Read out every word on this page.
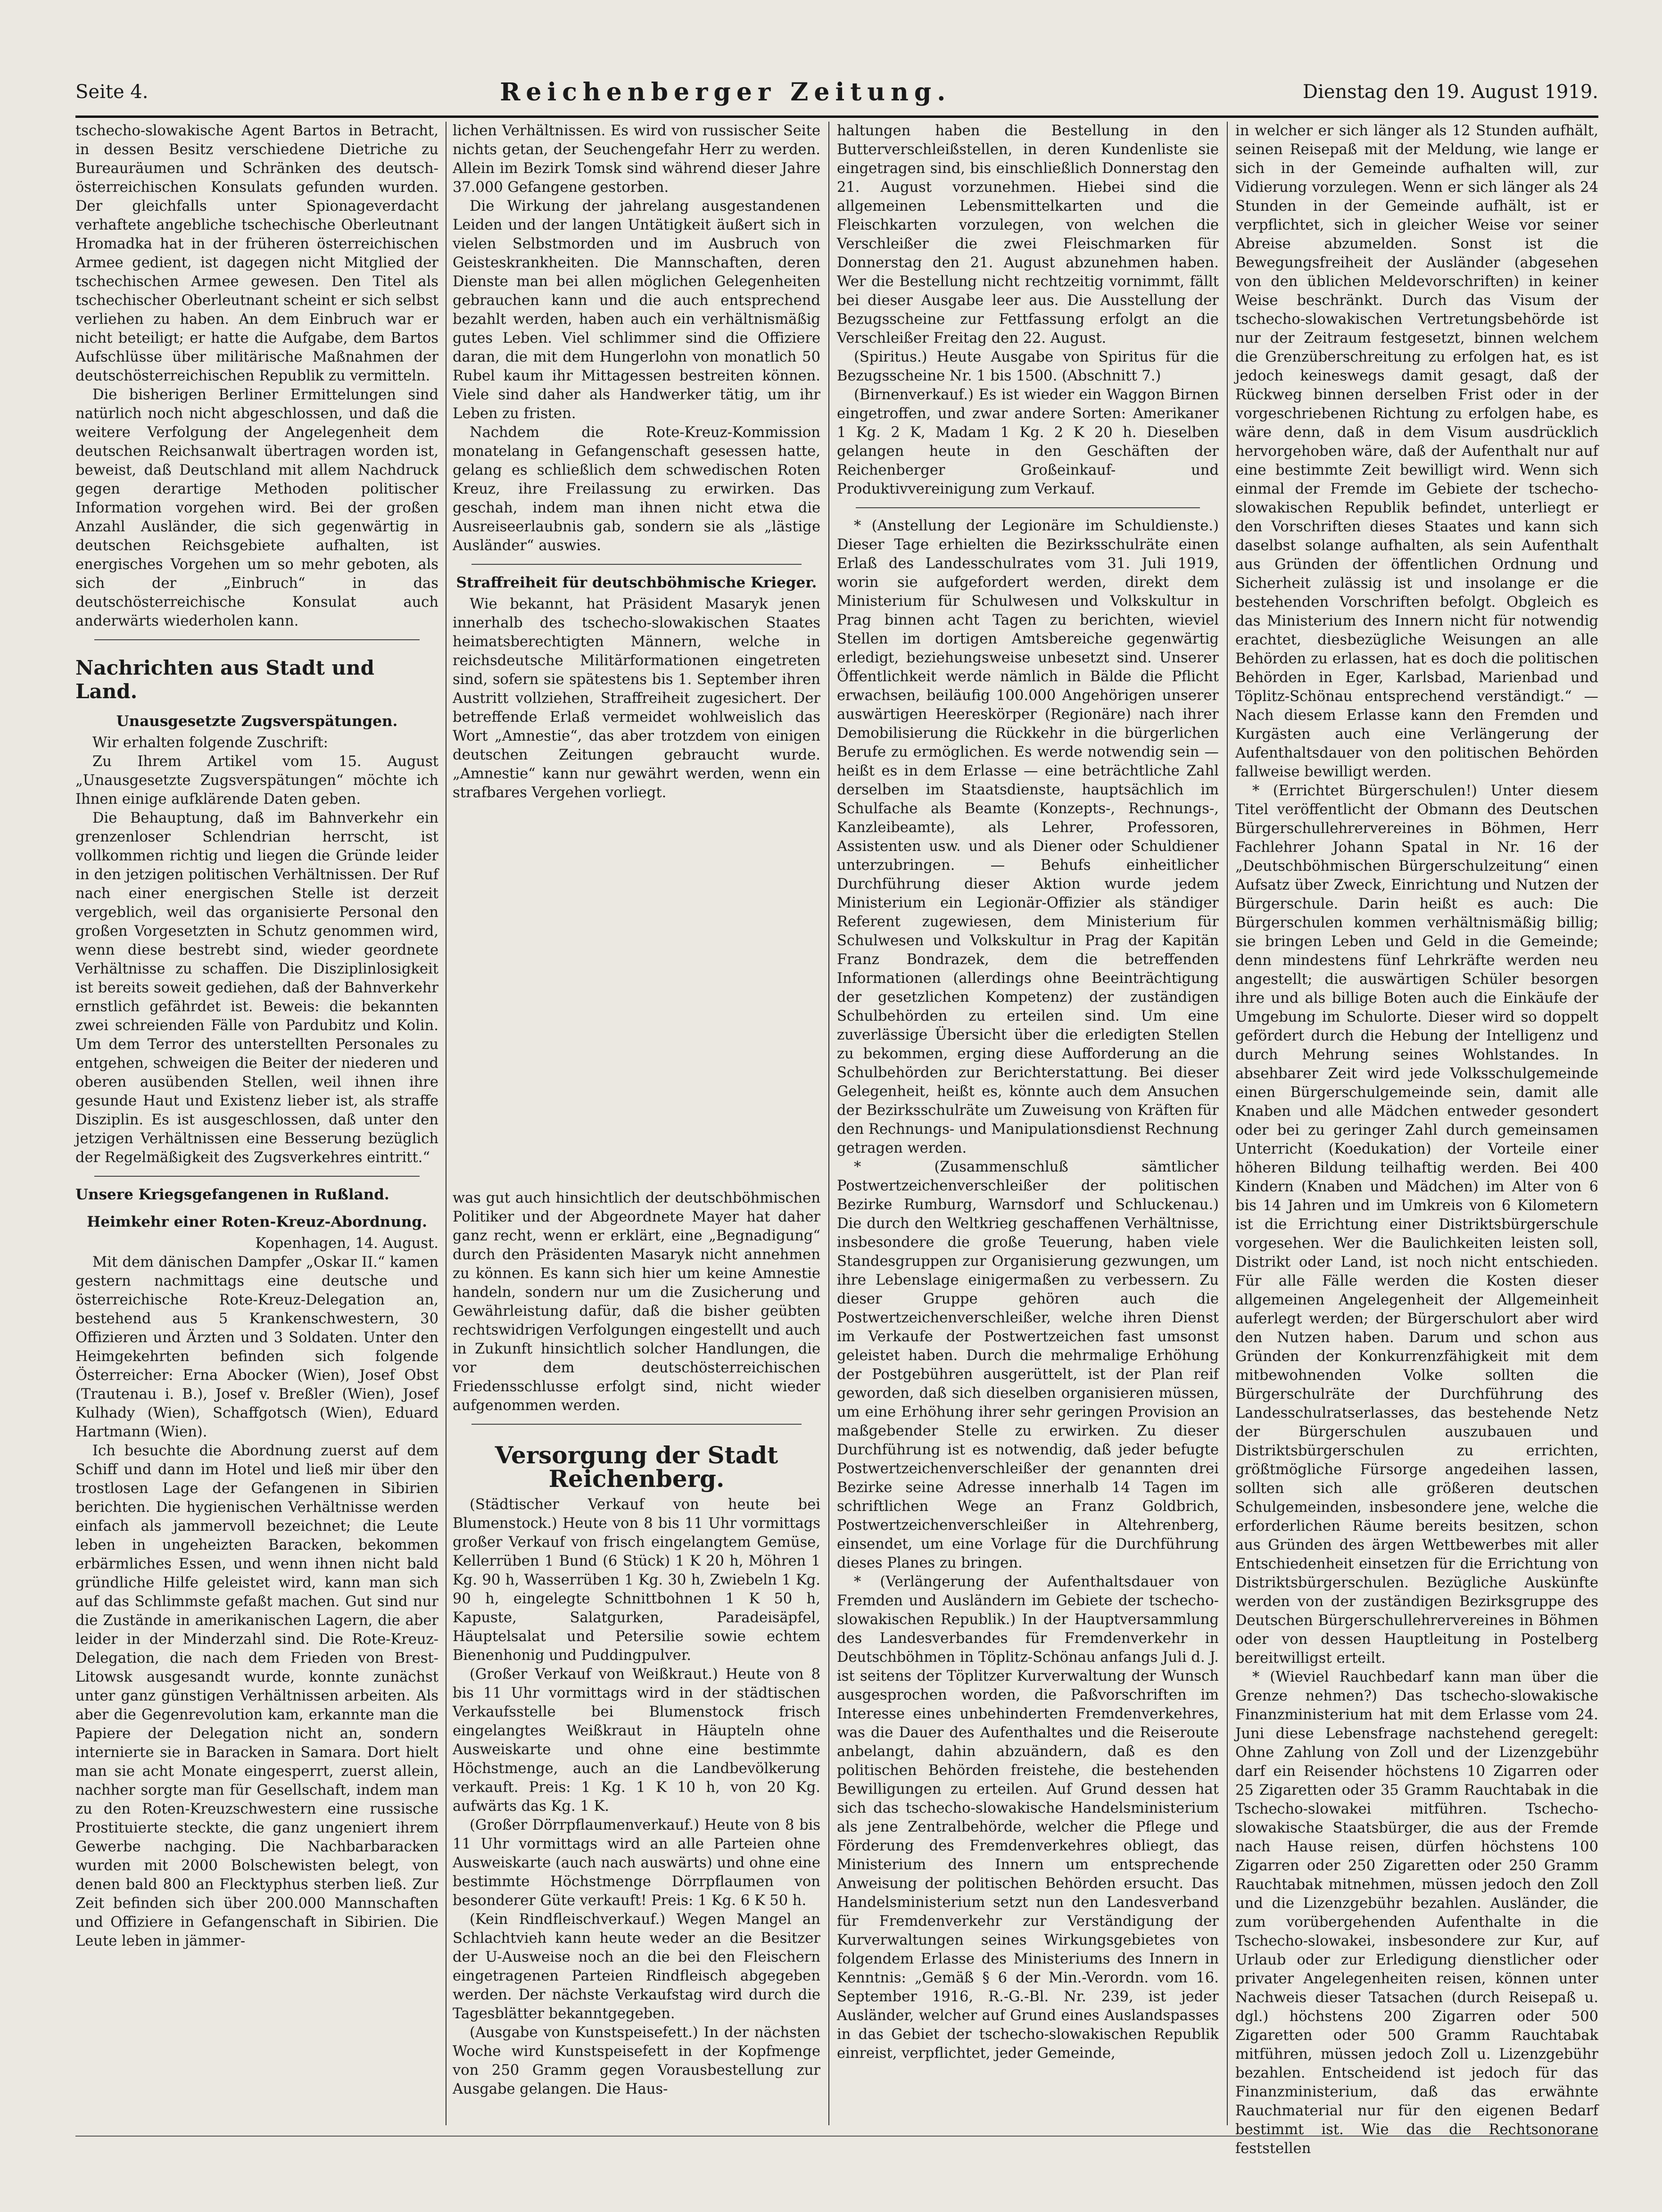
Seite 4.	Reichenberger Zeitung.	Dienstag den 19. August 1919.

tschecho-slowakische Agent Bartos in Betracht, in dessen Besitz verschiedene Dietriche zu Bureauräumen und Schränken des deutsch-österreichischen Konsulats gefunden wurden. Der gleichfalls unter Spionageverdacht verhaftete angebliche tschechische Oberleutnant Hromadka hat in der früheren österreichischen Armee gedient, ist dagegen nicht Mitglied der tschechischen Armee gewesen. Den Titel als tschechischer Oberleutnant scheint er sich selbst verliehen zu haben. An dem Einbruch war er nicht beteiligt; er hatte die Aufgabe, dem Bartos Aufschlüsse über militärische Maßnahmen der deutschösterreichischen Republik zu vermitteln.

Die bisherigen Berliner Ermittelungen sind natürlich noch nicht abgeschlossen, und daß die weitere Verfolgung der Angelegenheit dem deutschen Reichsanwalt übertragen worden ist, beweist, daß Deutschland mit allem Nachdruck gegen derartige Methoden politischer Information vorgehen wird. Bei der großen Anzahl Ausländer, die sich gegenwärtig in deutschen Reichsgebiete aufhalten, ist energisches Vorgehen um so mehr geboten, als sich der „Einbruch“ in das deutschösterreichische Konsulat auch anderwärts wiederholen kann.

Nachrichten aus Stadt und Land.
Unausgesetzte Zugsverspätungen.

Wir erhalten folgende Zuschrift:

Zu Ihrem Artikel vom 15. August „Unausgesetzte Zugsverspätungen“ möchte ich Ihnen einige aufklärende Daten geben.

Die Behauptung, daß im Bahnverkehr ein grenzenloser Schlendrian herrscht, ist vollkommen richtig und liegen die Gründe leider in den jetzigen politischen Verhältnissen. Der Ruf nach einer energischen Stelle ist derzeit vergeblich, weil das organisierte Personal den großen Vorgesetzten in Schutz genommen wird, wenn diese bestrebt sind, wieder geordnete Verhältnisse zu schaffen. Die Disziplinlosigkeit ist bereits soweit gediehen, daß der Bahnverkehr ernstlich gefährdet ist. Beweis: die bekannten zwei schreienden Fälle von Pardubitz und Kolin. Um dem Terror des unterstellten Personales zu entgehen, schweigen die Beiter der niederen und oberen ausübenden Stellen, weil ihnen ihre gesunde Haut und Existenz lieber ist, als straffe Disziplin. Es ist ausgeschlossen, daß unter den jetzigen Verhältnissen eine Besserung bezüglich der Regelmäßigkeit des Zugsverkehres eintritt.“

Unsere Kriegsgefangenen in Rußland.
Heimkehr einer Roten-Kreuz-Abordnung.

Kopenhagen, 14. August.

Mit dem dänischen Dampfer „Oskar II.“ kamen gestern nachmittags eine deutsche und österreichische Rote-Kreuz-Delegation an, bestehend aus 5 Krankenschwestern, 30 Offizieren und Ärzten und 3 Soldaten. Unter den Heimgekehrten befinden sich folgende Österreicher: Erna Abocker (Wien), Josef Obst (Trautenau i. B.), Josef v. Breßler (Wien), Josef Kulhady (Wien), Schaffgotsch (Wien), Eduard Hartmann (Wien).

Ich besuchte die Abordnung zuerst auf dem Schiff und dann im Hotel und ließ mir über den trostlosen Lage der Gefangenen in Sibirien berichten. Die hygienischen Verhältnisse werden einfach als jammervoll bezeichnet; die Leute leben in ungeheizten Baracken, bekommen erbärmliches Essen, und wenn ihnen nicht bald gründliche Hilfe geleistet wird, kann man sich auf das Schlimmste gefaßt machen. Gut sind nur die Zustände in amerikanischen Lagern, die aber leider in der Minderzahl sind. Die Rote-Kreuz-Delegation, die nach dem Frieden von Brest-Litowsk ausgesandt wurde, konnte zunächst unter ganz günstigen Verhältnissen arbeiten. Als aber die Gegenrevolution kam, erkannte man die Papiere der Delegation nicht an, sondern internierte sie in Baracken in Samara. Dort hielt man sie acht Monate eingesperrt, zuerst allein, nachher sorgte man für Gesellschaft, indem man zu den Roten-Kreuzschwestern eine russische Prostituierte steckte, die ganz ungeniert ihrem Gewerbe nachging. Die Nachbarbaracken wurden mit 2000 Bolschewisten belegt, von denen bald 800 an Flecktyphus sterben ließ. Zur Zeit befinden sich über 200.000 Mannschaften und Offiziere in Gefangenschaft in Sibirien. Die Leute leben in jämmer-

lichen Verhältnissen. Es wird von russischer Seite nichts getan, der Seuchengefahr Herr zu werden. Allein im Bezirk Tomsk sind während dieser Jahre 37.000 Gefangene gestorben.

Die Wirkung der jahrelang ausgestandenen Leiden und der langen Untätigkeit äußert sich in vielen Selbstmorden und im Ausbruch von Geisteskrankheiten. Die Mannschaften, deren Dienste man bei allen möglichen Gelegenheiten gebrauchen kann und die auch entsprechend bezahlt werden, haben auch ein verhältnismäßig gutes Leben. Viel schlimmer sind die Offiziere daran, die mit dem Hungerlohn von monatlich 50 Rubel kaum ihr Mittagessen bestreiten können. Viele sind daher als Handwerker tätig, um ihr Leben zu fristen.

Nachdem die Rote-Kreuz-Kommission monatelang in Gefangenschaft gesessen hatte, gelang es schließlich dem schwedischen Roten Kreuz, ihre Freilassung zu erwirken. Das geschah, indem man ihnen nicht etwa die Ausreiseerlaubnis gab, sondern sie als „lästige Ausländer“ auswies.

Straffreiheit für deutschböhmische Krieger.

Wie bekannt, hat Präsident Masaryk jenen innerhalb des tschecho-slowakischen Staates heimatsberechtigten Männern, welche in reichsdeutsche Militärformationen eingetreten sind, sofern sie spätestens bis 1. September ihren Austritt vollziehen, Straffreiheit zugesichert. Der betreffende Erlaß vermeidet wohlweislich das Wort „Amnestie“, das aber trotzdem von einigen deutschen Zeitungen gebraucht wurde. „Amnestie“ kann nur gewährt werden, wenn ein strafbares Vergehen vorliegt.

was gut auch hinsichtlich der deutschböhmischen Politiker und der Abgeordnete Mayer hat daher ganz recht, wenn er erklärt, eine „Begnadigung“ durch den Präsidenten Masaryk nicht annehmen zu können. Es kann sich hier um keine Amnestie handeln, sondern nur um die Zusicherung und Gewährleistung dafür, daß die bisher geübten rechtswidrigen Verfolgungen eingestellt und auch in Zukunft hinsichtlich solcher Handlungen, die vor dem deutschösterreichischen Friedensschlusse erfolgt sind, nicht wieder aufgenommen werden.

Versorgung der Stadt Reichenberg.

(Städtischer Verkauf von heute bei Blumenstock.) Heute von 8 bis 11 Uhr vormittags großer Verkauf von frisch eingelangtem Gemüse, Kellerrüben 1 Bund (6 Stück) 1 K 20 h, Möhren 1 Kg. 90 h, Wasserrüben 1 Kg. 30 h, Zwiebeln 1 Kg. 90 h, eingelegte Schnittbohnen 1 K 50 h, Kapuste, Salatgurken, Paradeisäpfel, Häuptelsalat und Petersilie sowie echtem Bienenhonig und Puddingpulver.

(Großer Verkauf von Weißkraut.) Heute von 8 bis 11 Uhr vormittags wird in der städtischen Verkaufsstelle bei Blumenstock frisch eingelangtes Weißkraut in Häupteln ohne Ausweiskarte und ohne eine bestimmte Höchstmenge, auch an die Landbevölkerung verkauft. Preis: 1 Kg. 1 K 10 h, von 20 Kg. aufwärts das Kg. 1 K.

(Großer Dörrpflaumenverkauf.) Heute von 8 bis 11 Uhr vormittags wird an alle Parteien ohne Ausweiskarte (auch nach auswärts) und ohne eine bestimmte Höchstmenge Dörrpflaumen von besonderer Güte verkauft! Preis: 1 Kg. 6 K 50 h.

(Kein Rindfleischverkauf.) Wegen Mangel an Schlachtvieh kann heute weder an die Besitzer der U-Ausweise noch an die bei den Fleischern eingetragenen Parteien Rindfleisch abgegeben werden. Der nächste Verkaufstag wird durch die Tagesblätter bekanntgegeben.

(Ausgabe von Kunstspeisefett.) In der nächsten Woche wird Kunstspeisefett in der Kopfmenge von 250 Gramm gegen Vorausbestellung zur Ausgabe gelangen. Die Haus-

haltungen haben die Bestellung in den Butterverschleißstellen, in deren Kundenliste sie eingetragen sind, bis einschließlich Donnerstag den 21. August vorzunehmen. Hiebei sind die allgemeinen Lebensmittelkarten und die Fleischkarten vorzulegen, von welchen die Verschleißer die zwei Fleischmarken für Donnerstag den 21. August abzunehmen haben. Wer die Bestellung nicht rechtzeitig vornimmt, fällt bei dieser Ausgabe leer aus. Die Ausstellung der Bezugsscheine zur Fettfassung erfolgt an die Verschleißer Freitag den 22. August.

(Spiritus.) Heute Ausgabe von Spiritus für die Bezugsscheine Nr. 1 bis 1500. (Abschnitt 7.)

(Birnenverkauf.) Es ist wieder ein Waggon Birnen eingetroffen, und zwar andere Sorten: Amerikaner 1 Kg. 2 K, Madam 1 Kg. 2 K 20 h. Dieselben gelangen heute in den Geschäften der Reichenberger Großeinkauf- und Produktivvereinigung zum Verkauf.

* (Anstellung der Legionäre im Schuldienste.) Dieser Tage erhielten die Bezirksschulräte einen Erlaß des Landesschulrates vom 31. Juli 1919, worin sie aufgefordert werden, direkt dem Ministerium für Schulwesen und Volkskultur in Prag binnen acht Tagen zu berichten, wieviel Stellen im dortigen Amtsbereiche gegenwärtig erledigt, beziehungsweise unbesetzt sind. Unserer Öffentlichkeit werde nämlich in Bälde die Pflicht erwachsen, beiläufig 100.000 Angehörigen unserer auswärtigen Heereskörper (Regionäre) nach ihrer Demobilisierung die Rückkehr in die bürgerlichen Berufe zu ermöglichen. Es werde notwendig sein — heißt es in dem Erlasse — eine beträchtliche Zahl derselben im Staatsdienste, hauptsächlich im Schulfache als Beamte (Konzepts-, Rechnungs-, Kanzleibeamte), als Lehrer, Professoren, Assistenten usw. und als Diener oder Schuldiener unterzubringen. — Behufs einheitlicher Durchführung dieser Aktion wurde jedem Ministerium ein Legionär-Offizier als ständiger Referent zugewiesen, dem Ministerium für Schulwesen und Volkskultur in Prag der Kapitän Franz Bondrazek, dem die betreffenden Informationen (allerdings ohne Beeinträchtigung der gesetzlichen Kompetenz) der zuständigen Schulbehörden zu erteilen sind. Um eine zuverlässige Übersicht über die erledigten Stellen zu bekommen, erging diese Aufforderung an die Schulbehörden zur Berichterstattung. Bei dieser Gelegenheit, heißt es, könnte auch dem Ansuchen der Bezirksschulräte um Zuweisung von Kräften für den Rechnungs- und Manipulationsdienst Rechnung getragen werden.

* (Zusammenschluß sämtlicher Postwertzeichenverschleißer der politischen Bezirke Rumburg, Warnsdorf und Schluckenau.) Die durch den Weltkrieg geschaffenen Verhältnisse, insbesondere die große Teuerung, haben viele Standesgruppen zur Organisierung gezwungen, um ihre Lebenslage einigermaßen zu verbessern. Zu dieser Gruppe gehören auch die Postwertzeichenverschleißer, welche ihren Dienst im Verkaufe der Postwertzeichen fast umsonst geleistet haben. Durch die mehrmalige Erhöhung der Postgebühren ausgerüttelt, ist der Plan reif geworden, daß sich dieselben organisieren müssen, um eine Erhöhung ihrer sehr geringen Provision an maßgebender Stelle zu erwirken. Zu dieser Durchführung ist es notwendig, daß jeder befugte Postwertzeichenverschleißer der genannten drei Bezirke seine Adresse innerhalb 14 Tagen im schriftlichen Wege an Franz Goldbrich, Postwertzeichenverschleißer in Altehrenberg, einsendet, um eine Vorlage für die Durchführung dieses Planes zu bringen.

* (Verlängerung der Aufenthaltsdauer von Fremden und Ausländern im Gebiete der tschecho-slowakischen Republik.) In der Hauptversammlung des Landesverbandes für Fremdenverkehr in Deutschböhmen in Töplitz-Schönau anfangs Juli d. J. ist seitens der Töplitzer Kurverwaltung der Wunsch ausgesprochen worden, die Paßvorschriften im Interesse eines unbehinderten Fremdenverkehres, was die Dauer des Aufenthaltes und die Reiseroute anbelangt, dahin abzuändern, daß es den politischen Behörden freistehe, die bestehenden Bewilligungen zu erteilen. Auf Grund dessen hat sich das tschecho-slowakische Handelsministerium als jene Zentralbehörde, welcher die Pflege und Förderung des Fremdenverkehres obliegt, das Ministerium des Innern um entsprechende Anweisung der politischen Behörden ersucht. Das Handelsministerium setzt nun den Landesverband für Fremdenverkehr zur Verständigung der Kurverwaltungen seines Wirkungsgebietes von folgendem Erlasse des Ministeriums des Innern in Kenntnis: „Gemäß § 6 der Min.-Verordn. vom 16. September 1916, R.-G.-Bl. Nr. 239, ist jeder Ausländer, welcher auf Grund eines Auslandspasses in das Gebiet der tschecho-slowakischen Republik einreist, verpflichtet, jeder Gemeinde,

in welcher er sich länger als 12 Stunden aufhält, seinen Reisepaß mit der Meldung, wie lange er sich in der Gemeinde aufhalten will, zur Vidierung vorzulegen. Wenn er sich länger als 24 Stunden in der Gemeinde aufhält, ist er verpflichtet, sich in gleicher Weise vor seiner Abreise abzumelden. Sonst ist die Bewegungsfreiheit der Ausländer (abgesehen von den üblichen Meldevorschriften) in keiner Weise beschränkt. Durch das Visum der tschecho-slowakischen Vertretungsbehörde ist nur der Zeitraum festgesetzt, binnen welchem die Grenzüberschreitung zu erfolgen hat, es ist jedoch keineswegs damit gesagt, daß der Rückweg binnen derselben Frist oder in der vorgeschriebenen Richtung zu erfolgen habe, es wäre denn, daß in dem Visum ausdrücklich hervorgehoben wäre, daß der Aufenthalt nur auf eine bestimmte Zeit bewilligt wird. Wenn sich einmal der Fremde im Gebiete der tschecho-slowakischen Republik befindet, unterliegt er den Vorschriften dieses Staates und kann sich daselbst solange aufhalten, als sein Aufenthalt aus Gründen der öffentlichen Ordnung und Sicherheit zulässig ist und insolange er die bestehenden Vorschriften befolgt. Obgleich es das Ministerium des Innern nicht für notwendig erachtet, diesbezügliche Weisungen an alle Behörden zu erlassen, hat es doch die politischen Behörden in Eger, Karlsbad, Marienbad und Töplitz-Schönau entsprechend verständigt.“ — Nach diesem Erlasse kann den Fremden und Kurgästen auch eine Verlängerung der Aufenthaltsdauer von den politischen Behörden fallweise bewilligt werden.

* (Errichtet Bürgerschulen!) Unter diesem Titel veröffentlicht der Obmann des Deutschen Bürgerschullehrervereines in Böhmen, Herr Fachlehrer Johann Spatal in Nr. 16 der „Deutschböhmischen Bürgerschulzeitung“ einen Aufsatz über Zweck, Einrichtung und Nutzen der Bürgerschule. Darin heißt es auch: Die Bürgerschulen kommen verhältnismäßig billig; sie bringen Leben und Geld in die Gemeinde; denn mindestens fünf Lehrkräfte werden neu angestellt; die auswärtigen Schüler besorgen ihre und als billige Boten auch die Einkäufe der Umgebung im Schulorte. Dieser wird so doppelt gefördert durch die Hebung der Intelligenz und durch Mehrung seines Wohlstandes. In absehbarer Zeit wird jede Volksschulgemeinde einen Bürgerschulgemeinde sein, damit alle Knaben und alle Mädchen entweder gesondert oder bei zu geringer Zahl durch gemeinsamen Unterricht (Koedukation) der Vorteile einer höheren Bildung teilhaftig werden. Bei 400 Kindern (Knaben und Mädchen) im Alter von 6 bis 14 Jahren und im Umkreis von 6 Kilometern ist die Errichtung einer Distriktsbürgerschule vorgesehen. Wer die Baulichkeiten leisten soll, Distrikt oder Land, ist noch nicht entschieden. Für alle Fälle werden die Kosten dieser allgemeinen Angelegenheit der Allgemeinheit auferlegt werden; der Bürgerschulort aber wird den Nutzen haben. Darum und schon aus Gründen der Konkurrenzfähigkeit mit dem mitbewohnenden Volke sollten die Bürgerschulräte der Durchführung des Landesschulratserlasses, das bestehende Netz der Bürgerschulen auszubauen und Distriktsbürgerschulen zu errichten, größtmögliche Fürsorge angedeihen lassen, sollten sich alle größeren deutschen Schulgemeinden, insbesondere jene, welche die erforderlichen Räume bereits besitzen, schon aus Gründen des ärgen Wettbewerbes mit aller Entschiedenheit einsetzen für die Errichtung von Distriktsbürgerschulen. Bezügliche Auskünfte werden von der zuständigen Bezirksgruppe des Deutschen Bürgerschullehrervereines in Böhmen oder von dessen Hauptleitung in Postelberg bereitwilligst erteilt.

* (Wieviel Rauchbedarf kann man über die Grenze nehmen?) Das tschecho-slowakische Finanzministerium hat mit dem Erlasse vom 24. Juni diese Lebensfrage nachstehend geregelt: Ohne Zahlung von Zoll und der Lizenzgebühr darf ein Reisender höchstens 10 Zigarren oder 25 Zigaretten oder 35 Gramm Rauchtabak in die Tschecho-slowakei mitführen. Tschecho-slowakische Staatsbürger, die aus der Fremde nach Hause reisen, dürfen höchstens 100 Zigarren oder 250 Zigaretten oder 250 Gramm Rauchtabak mitnehmen, müssen jedoch den Zoll und die Lizenzgebühr bezahlen. Ausländer, die zum vorübergehenden Aufenthalte in die Tschecho-slowakei, insbesondere zur Kur, auf Urlaub oder zur Erledigung dienstlicher oder privater Angelegenheiten reisen, können unter Nachweis dieser Tatsachen (durch Reisepaß u. dgl.) höchstens 200 Zigarren oder 500 Zigaretten oder 500 Gramm Rauchtabak mitführen, müssen jedoch Zoll u. Lizenzgebühr bezahlen. Entscheidend ist jedoch für das Finanzministerium, daß das erwähnte Rauchmaterial nur für den eigenen Bedarf bestimmt ist. Wie das die Rechtsonorane feststellen
